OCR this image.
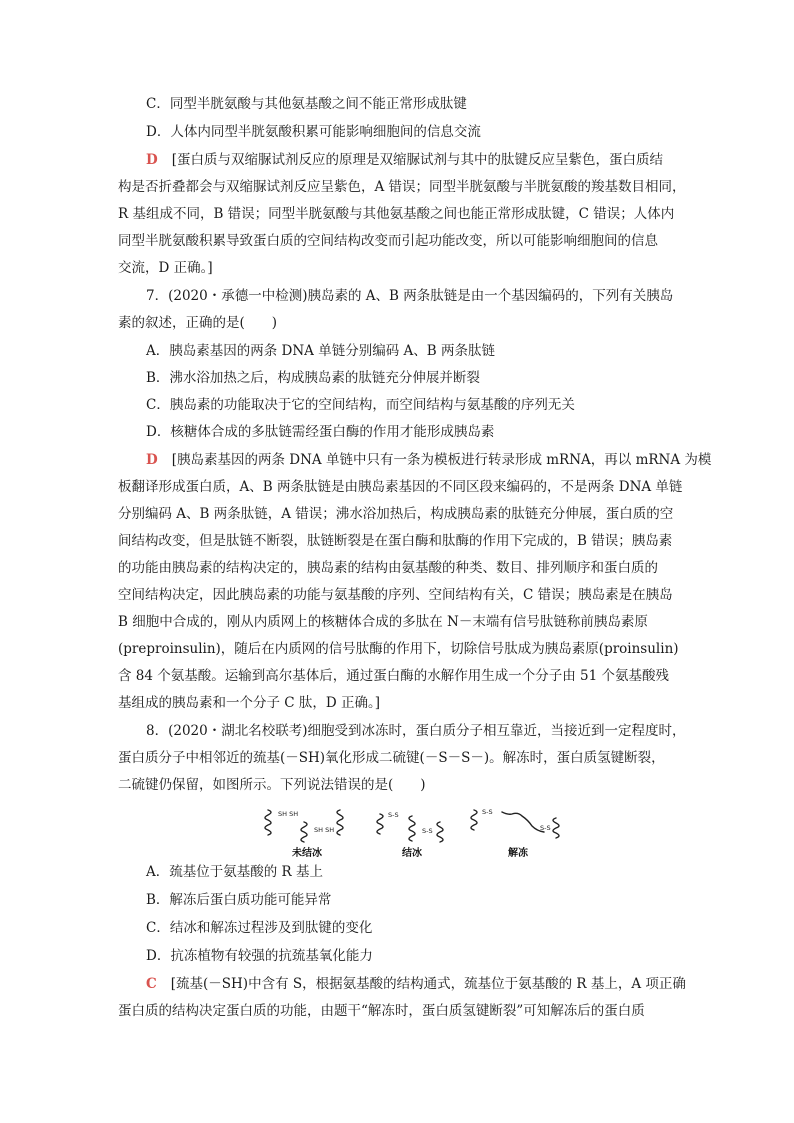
C．同型半胱氨酸与其他氨基酸之间不能正常形成肽键
D．人体内同型半胱氨酸积累可能影响细胞间的信息交流
D [蛋白质与双缩脲试剂反应的原理是双缩脲试剂与其中的肽键反应呈紫色，蛋白质结
构是否折叠都会与双缩脲试剂反应呈紫色，A 错误；同型半胱氨酸与半胱氨酸的羧基数目相同，
R 基组成不同，B 错误；同型半胱氨酸与其他氨基酸之间也能正常形成肽键，C 错误；人体内
同型半胱氨酸积累导致蛋白质的空间结构改变而引起功能改变，所以可能影响细胞间的信息
交流，D 正确。]
7．(2020・承德一中检测)胰岛素的 A、B 两条肽链是由一个基因编码的，下列有关胰岛
素的叙述，正确的是(　　)
A．胰岛素基因的两条 DNA 单链分别编码 A、B 两条肽链
B．沸水浴加热之后，构成胰岛素的肽链充分伸展并断裂
C．胰岛素的功能取决于它的空间结构，而空间结构与氨基酸的序列无关
D．核糖体合成的多肽链需经蛋白酶的作用才能形成胰岛素
D [胰岛素基因的两条 DNA 单链中只有一条为模板进行转录形成 mRNA，再以 mRNA 为模
板翻译形成蛋白质，A、B 两条肽链是由胰岛素基因的不同区段来编码的，不是两条 DNA 单链
分别编码 A、B 两条肽链，A 错误；沸水浴加热后，构成胰岛素的肽链充分伸展，蛋白质的空
间结构改变，但是肽链不断裂，肽链断裂是在蛋白酶和肽酶的作用下完成的，B 错误；胰岛素
的功能由胰岛素的结构决定的，胰岛素的结构由氨基酸的种类、数目、排列顺序和蛋白质的
空间结构决定，因此胰岛素的功能与氨基酸的序列、空间结构有关，C 错误；胰岛素是在胰岛
B 细胞中合成的，刚从内质网上的核糖体合成的多肽在 N－末端有信号肽链称前胰岛素原
(preproinsulin)，随后在内质网的信号肽酶的作用下，切除信号肽成为胰岛素原(proinsulin)
含 84 个氨基酸。运输到高尔基体后，通过蛋白酶的水解作用生成一个分子由 51 个氨基酸残
基组成的胰岛素和一个分子 C 肽，D 正确。]
8．(2020・湖北名校联考)细胞受到冰冻时，蛋白质分子相互靠近，当接近到一定程度时，
蛋白质分子中相邻近的巯基(－SH)氧化形成二硫键(－S－S－)。解冻时，蛋白质氢键断裂，
二硫键仍保留，如图所示。下列说法错误的是(　　)
SH SH
SH SH
S-S
S-S
S-S
S-S
未结冰	结冰	解冻
A．巯基位于氨基酸的 R 基上
B．解冻后蛋白质功能可能异常
C．结冰和解冻过程涉及到肽键的变化
D．抗冻植物有较强的抗巯基氧化能力
C [巯基(－SH)中含有 S，根据氨基酸的结构通式，巯基位于氨基酸的 R 基上，A 项正确
蛋白质的结构决定蛋白质的功能，由题干“解冻时，蛋白质氢键断裂”可知解冻后的蛋白质
